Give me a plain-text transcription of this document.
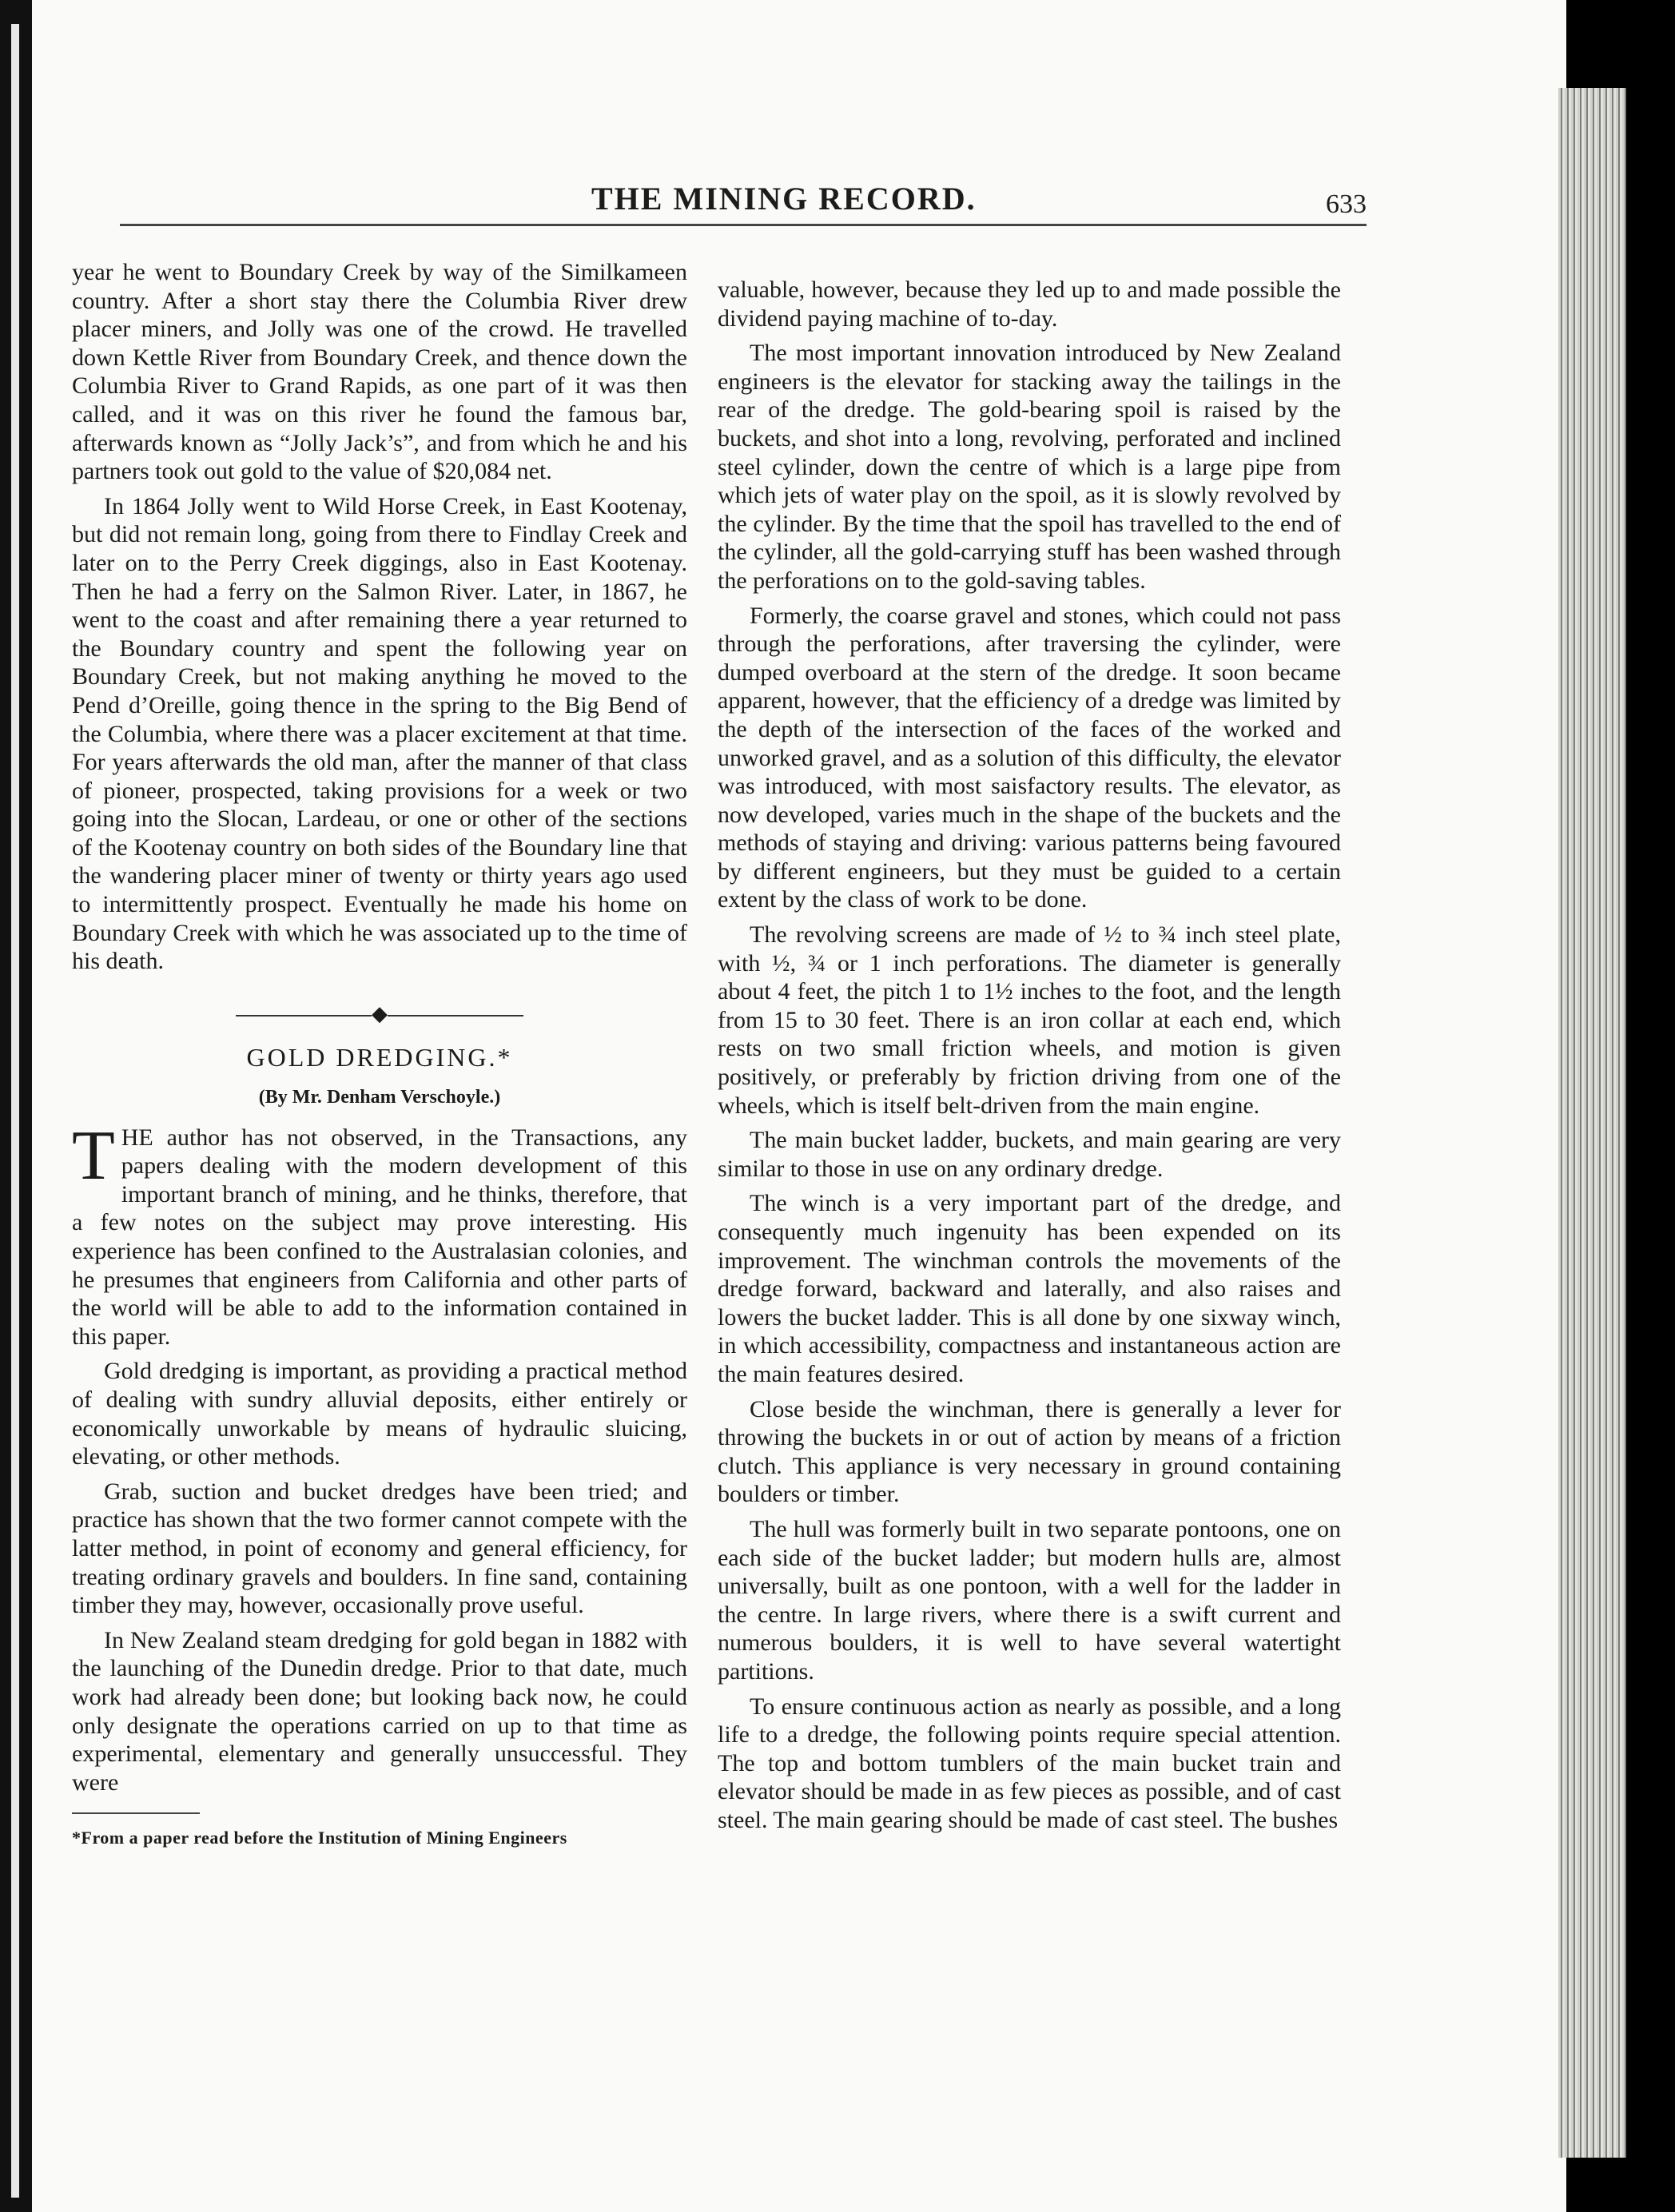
THE MINING RECORD.	633

year he went to Boundary Creek by way of the Similkameen country. After a short stay there the Columbia River drew placer miners, and Jolly was one of the crowd. He travelled down Kettle River from Boundary Creek, and thence down the Columbia River to Grand Rapids, as one part of it was then called, and it was on this river he found the famous bar, afterwards known as “Jolly Jack’s”, and from which he and his partners took out gold to the value of $20,084 net.

In 1864 Jolly went to Wild Horse Creek, in East Kootenay, but did not remain long, going from there to Findlay Creek and later on to the Perry Creek diggings, also in East Kootenay. Then he had a ferry on the Salmon River. Later, in 1867, he went to the coast and after remaining there a year returned to the Boundary country and spent the following year on Boundary Creek, but not making anything he moved to the Pend d’Oreille, going thence in the spring to the Big Bend of the Columbia, where there was a placer excitement at that time. For years afterwards the old man, after the manner of that class of pioneer, prospected, taking provisions for a week or two going into the Slocan, Lardeau, or one or other of the sections of the Kootenay country on both sides of the Boundary line that the wandering placer miner of twenty or thirty years ago used to intermittently prospect. Eventually he made his home on Boundary Creek with which he was associated up to the time of his death.

◆
GOLD DREDGING.*
(By Mr. Denham Verschoyle.)

THE author has not observed, in the Transactions, any papers dealing with the modern development of this important branch of mining, and he thinks, therefore, that a few notes on the subject may prove interesting. His experience has been confined to the Australasian colonies, and he presumes that engineers from California and other parts of the world will be able to add to the information contained in this paper.

Gold dredging is important, as providing a practical method of dealing with sundry alluvial deposits, either entirely or economically unworkable by means of hydraulic sluicing, elevating, or other methods.

Grab, suction and bucket dredges have been tried; and practice has shown that the two former cannot compete with the latter method, in point of economy and general efficiency, for treating ordinary gravels and boulders. In fine sand, containing timber they may, however, occasionally prove useful.

In New Zealand steam dredging for gold began in 1882 with the launching of the Dunedin dredge. Prior to that date, much work had already been done; but looking back now, he could only designate the operations carried on up to that time as experimental, elementary and generally unsuccessful. They were

*From a paper read before the Institution of Mining Engineers

valuable, however, because they led up to and made possible the dividend paying machine of to-day.

The most important innovation introduced by New Zealand engineers is the elevator for stacking away the tailings in the rear of the dredge. The gold-bearing spoil is raised by the buckets, and shot into a long, revolving, perforated and inclined steel cylinder, down the centre of which is a large pipe from which jets of water play on the spoil, as it is slowly revolved by the cylinder. By the time that the spoil has travelled to the end of the cylinder, all the gold-carrying stuff has been washed through the perforations on to the gold-saving tables.

Formerly, the coarse gravel and stones, which could not pass through the perforations, after traversing the cylinder, were dumped overboard at the stern of the dredge. It soon became apparent, however, that the efficiency of a dredge was limited by the depth of the intersection of the faces of the worked and unworked gravel, and as a solution of this difficulty, the elevator was introduced, with most saisfactory results. The elevator, as now developed, varies much in the shape of the buckets and the methods of staying and driving: various patterns being favoured by different engineers, but they must be guided to a certain extent by the class of work to be done.

The revolving screens are made of ½ to ¾ inch steel plate, with ½, ¾ or 1 inch perforations. The diameter is generally about 4 feet, the pitch 1 to 1½ inches to the foot, and the length from 15 to 30 feet. There is an iron collar at each end, which rests on two small friction wheels, and motion is given positively, or preferably by friction driving from one of the wheels, which is itself belt-driven from the main engine.

The main bucket ladder, buckets, and main gearing are very similar to those in use on any ordinary dredge.

The winch is a very important part of the dredge, and consequently much ingenuity has been expended on its improvement. The winchman controls the movements of the dredge forward, backward and laterally, and also raises and lowers the bucket ladder. This is all done by one sixway winch, in which accessibility, compactness and instantaneous action are the main features desired.

Close beside the winchman, there is generally a lever for throwing the buckets in or out of action by means of a friction clutch. This appliance is very necessary in ground containing boulders or timber.

The hull was formerly built in two separate pontoons, one on each side of the bucket ladder; but modern hulls are, almost universally, built as one pontoon, with a well for the ladder in the centre. In large rivers, where there is a swift current and numerous boulders, it is well to have several watertight partitions.

To ensure continuous action as nearly as possible, and a long life to a dredge, the following points require special attention. The top and bottom tumblers of the main bucket train and elevator should be made in as few pieces as possible, and of cast steel. The main gearing should be made of cast steel. The bushes
